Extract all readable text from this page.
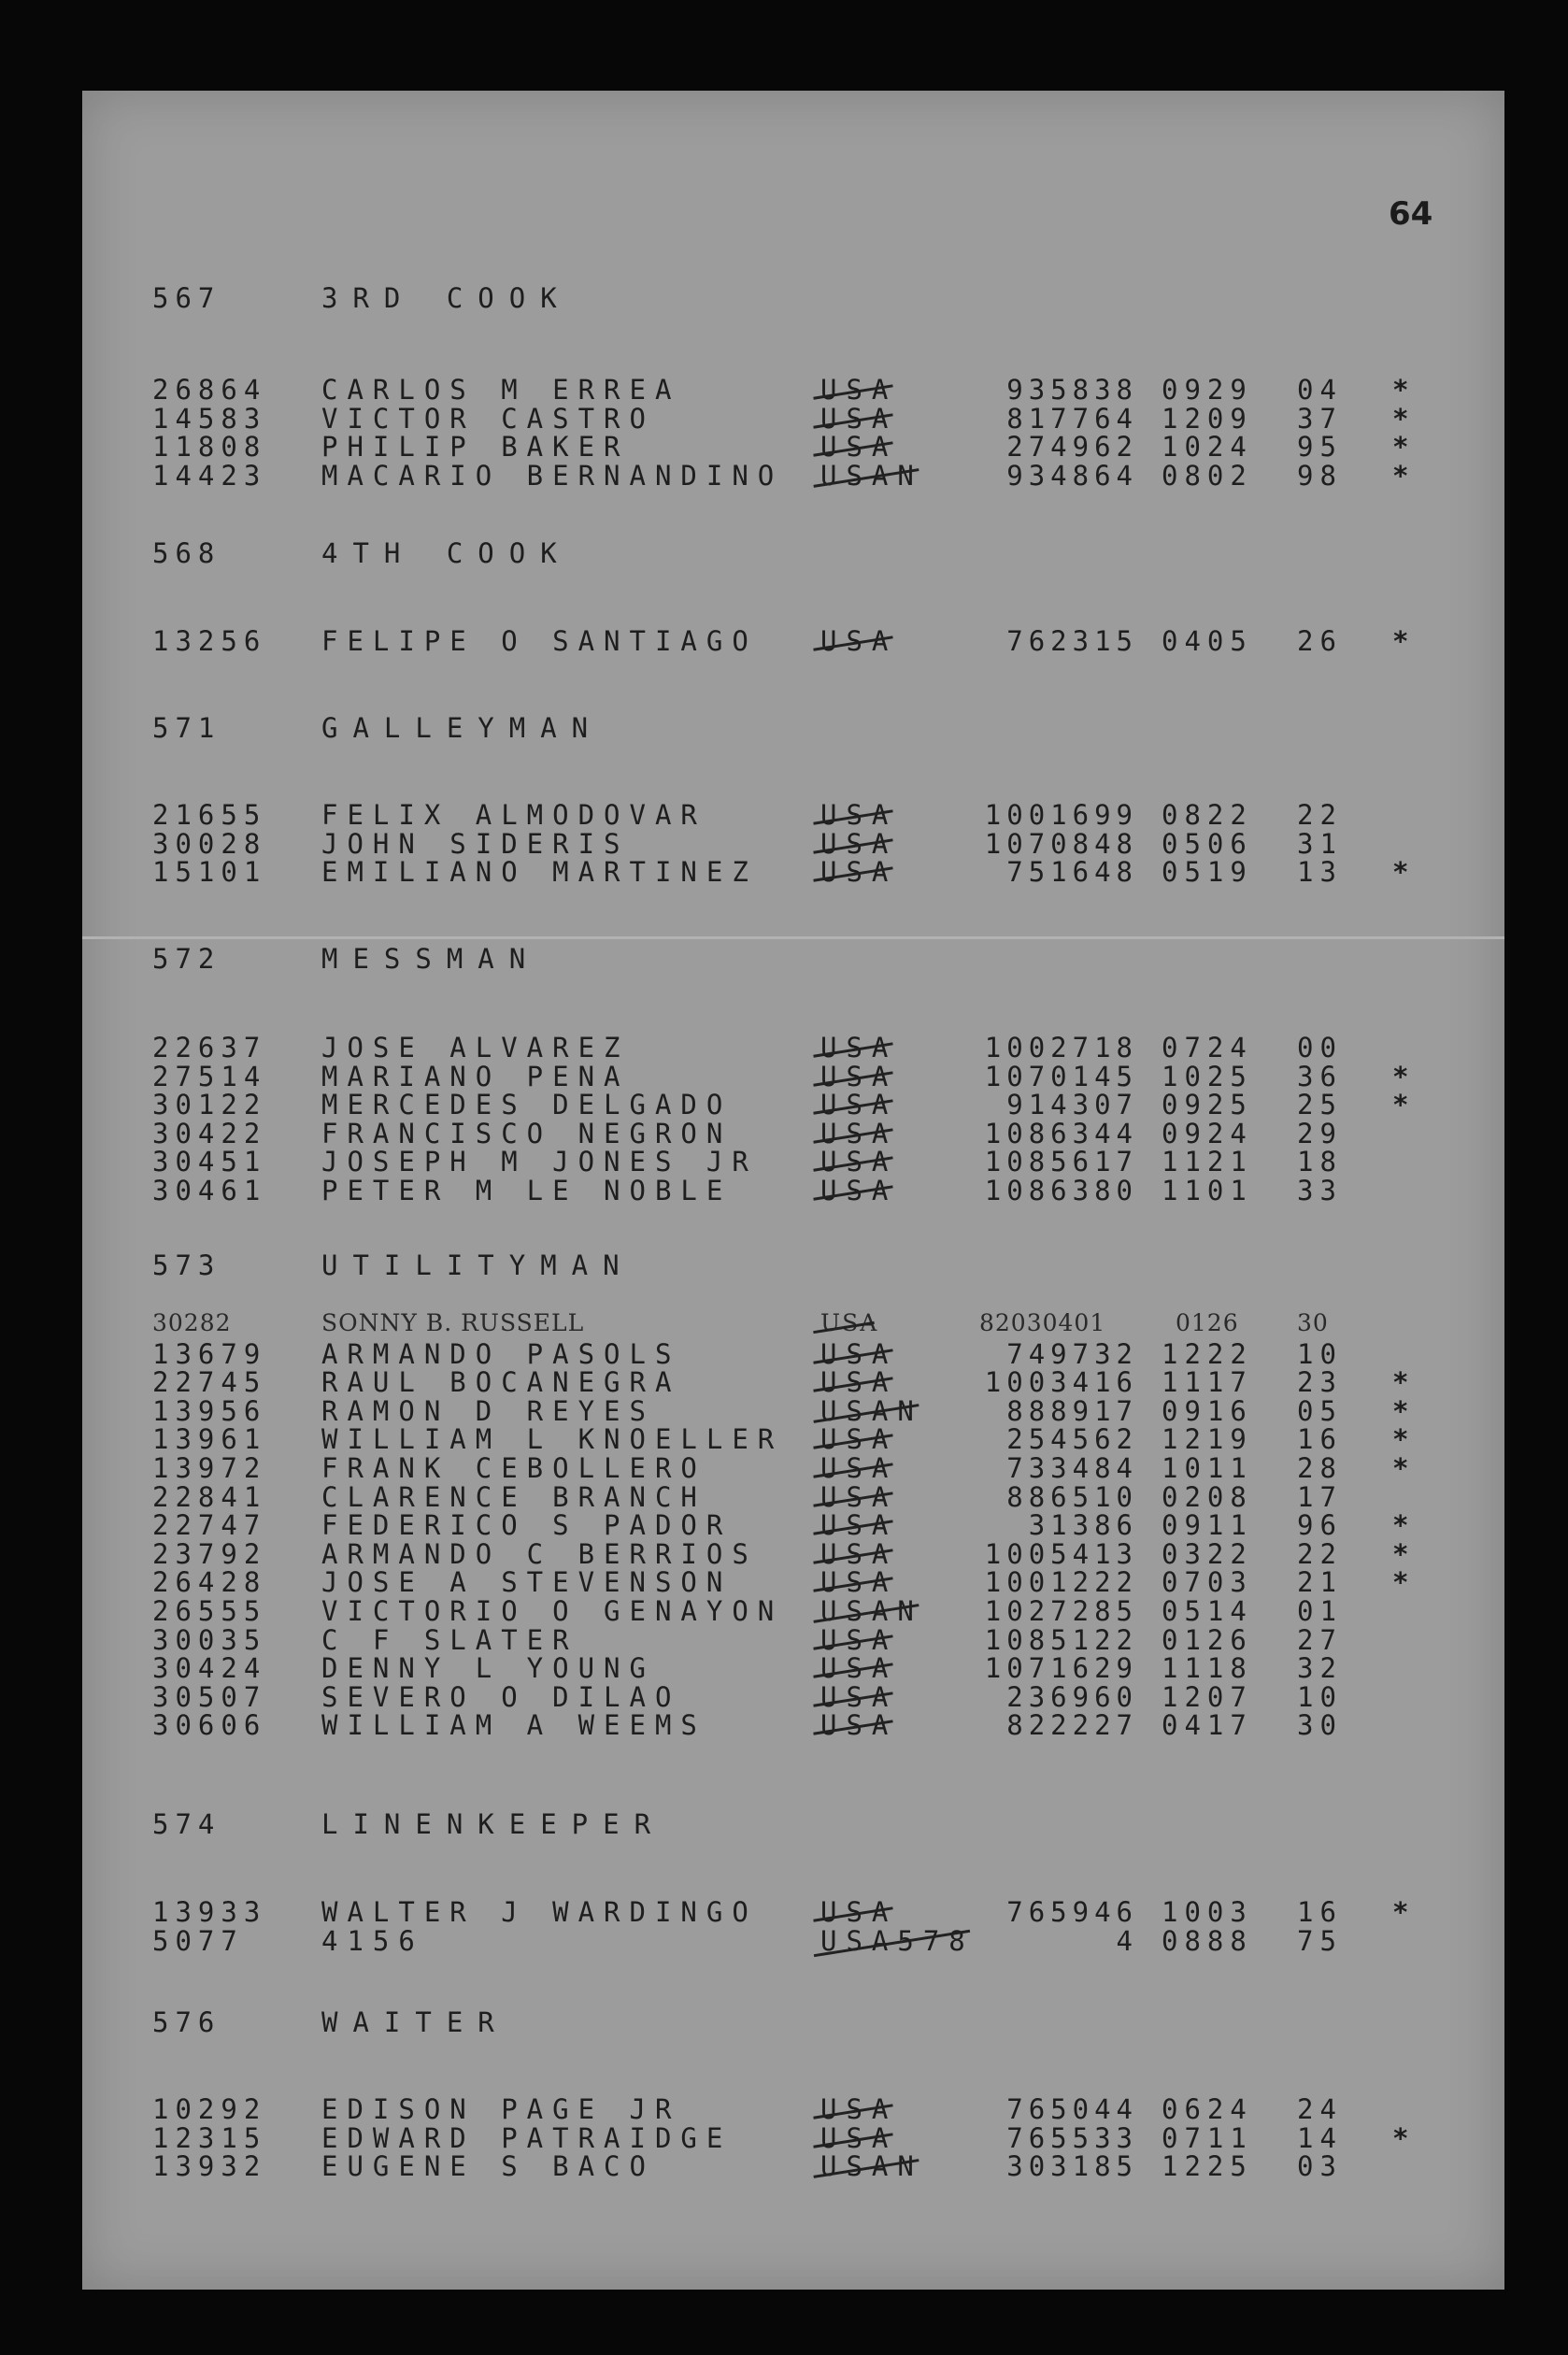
64
567	3RD COOK
26864 CARLOS M ERREA	USA	935838 0929 04 *
14583 VICTOR CASTRO	USA	817764 1209 37 *
11808 PHILIP BAKER	USA	274962 1024 95 *
14423 MACARIO BERNANDINO USAN	934864 0802 98 *
568	4TH COOK
13256 FELIPE O SANTIAGO USA	762315 0405 26 *
571	GALLEYMAN
21655 FELIX ALMODOVAR	USA	1001699 0822 22
30028 JOHN SIDERIS	USA	1070848 0506 31
15101 EMILIANO MARTINEZ USA	751648 0519 13 *
572	MESSMAN
22637 JOSE ALVAREZ	USA	1002718 0724 00
27514 MARIANO PENA	USA	1070145 1025 36 *
30122 MERCEDES DELGADO	USA	914307 0925 25 *
30422 FRANCISCO NEGRON	USA	1086344 0924 29
30451 JOSEPH M JONES JR USA	1085617 1121 18
30461 PETER M LE NOBLE	USA	1086380 1101 33
573	UTILITYMAN
30282	SONNY B. RUSSELL	USA	82030401	0126 30
13679 ARMANDO PASOLS	USA	749732 1222 10
22745 RAUL BOCANEGRA	USA	1003416 1117 23 *
13956 RAMON D REYES	USAN	888917 0916 05 *
13961 WILLIAM L KNOELLER USA	254562 1219 16 *
13972 FRANK CEBOLLERO	USA	733484 1011 28 *
22841 CLARENCE BRANCH	USA	886510 0208 17
22747 FEDERICO S PADOR	USA	31386 0911 96 *
23792 ARMANDO C BERRIOS USA	1005413 0322 22 *
26428 JOSE A STEVENSON	USA	1001222 0703 21 *
26555 VICTORIO O GENAYON USAN	1027285 0514 01
30035 C F SLATER	USA	1085122 0126 27
30424 DENNY L YOUNG	USA	1071629 1118 32
30507 SEVERO O DILAO	USA	236960 1207 10
30606 WILLIAM A WEEMS	USA	822227 0417 30
574	LINENKEEPER
13933 WALTER J WARDINGO USA	765946 1003 16 *
5077	4156	USA578	4 0888 75
576	WAITER
10292 EDISON PAGE JR	USA	765044 0624 24
12315 EDWARD PATRAIDGE	USA	765533 0711 14 *
13932 EUGENE S BACO	USAN	303185 1225 03
